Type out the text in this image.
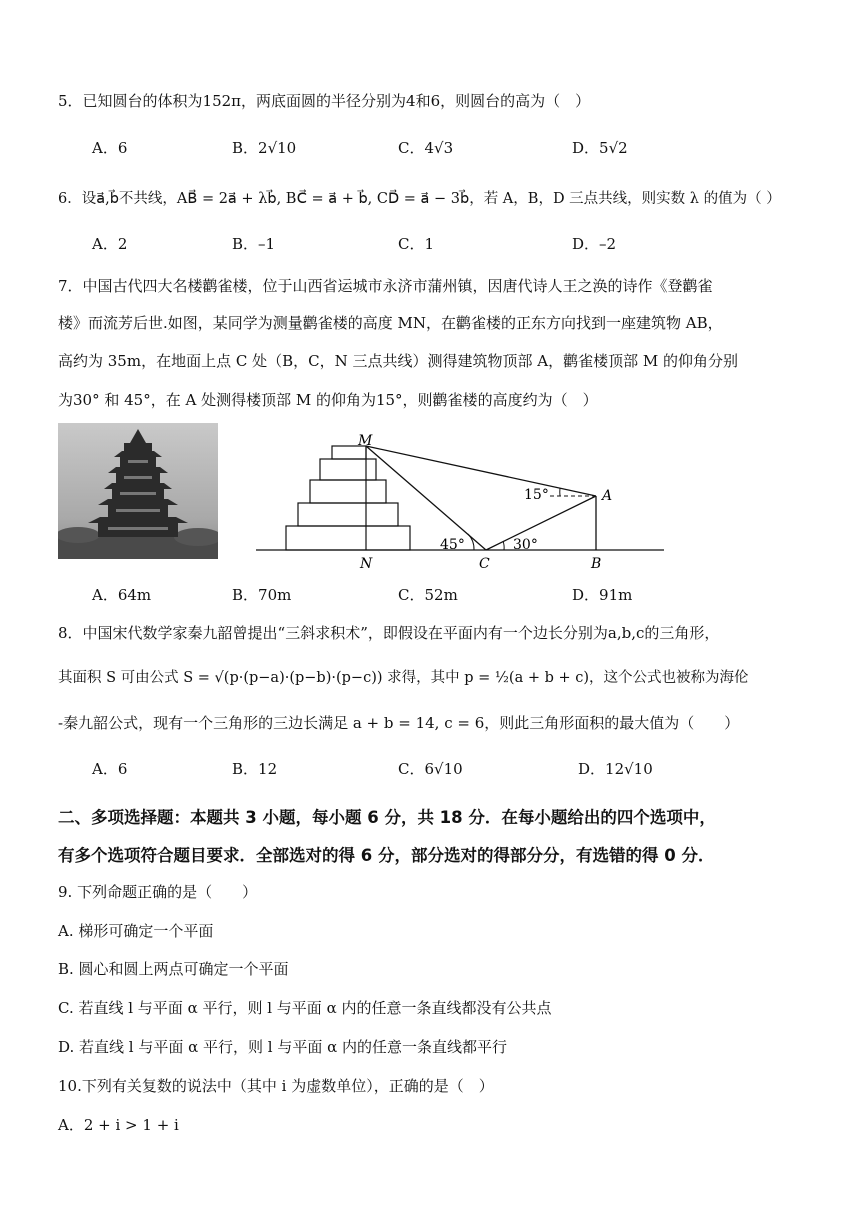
5．已知圆台的体积为152π，两底面圆的半径分别为4和6，则圆台的高为（　）
A．6	B．2√10	C．4√3	D．5√2
6．设a⃗,b⃗不共线，AB⃗ = 2a⃗ + λb⃗, BC⃗ = a⃗ + b⃗, CD⃗ = a⃗ − 3b⃗，若 A，B，D 三点共线，则实数 λ 的值为（ ）
A．2	B．–1	C．1	D．–2
7．中国古代四大名楼鹳雀楼，位于山西省运城市永济市蒲州镇，因唐代诗人王之涣的诗作《登鹳雀
楼》而流芳后世.如图，某同学为测量鹳雀楼的高度 MN，在鹳雀楼的正东方向找到一座建筑物 AB，
高约为 35m，在地面上点 C 处（B，C，N 三点共线）测得建筑物顶部 A，鹳雀楼顶部 M 的仰角分别
为30° 和 45°，在 A 处测得楼顶部 M 的仰角为15°，则鹳雀楼的高度约为（　）
M
N	C	B
A
15°
45°	30°
A．64m	B．70m	C．52m	D．91m
8．中国宋代数学家秦九韶曾提出“三斜求积术”，即假设在平面内有一个边长分别为a,b,c的三角形，
其面积 S 可由公式 S = √(p·(p−a)·(p−b)·(p−c)) 求得，其中 p = ½(a + b + c)，这个公式也被称为海伦
-秦九韶公式，现有一个三角形的三边长满足 a + b = 14, c = 6，则此三角形面积的最大值为（　　）
A．6	B．12	C．6√10	D．12√10
二、多项选择题：本题共 3 小题，每小题 6 分，共 18 分．在每小题给出的四个选项中，
有多个选项符合题目要求．全部选对的得 6 分，部分选对的得部分分，有选错的得 0 分．
9. 下列命题正确的是（　　）
A. 梯形可确定一个平面
B. 圆心和圆上两点可确定一个平面
C. 若直线 l 与平面 α 平行，则 l 与平面 α 内的任意一条直线都没有公共点
D. 若直线 l 与平面 α 平行，则 l 与平面 α 内的任意一条直线都平行
10.下列有关复数的说法中（其中 i 为虚数单位），正确的是（　）
A．2 + i > 1 + i
